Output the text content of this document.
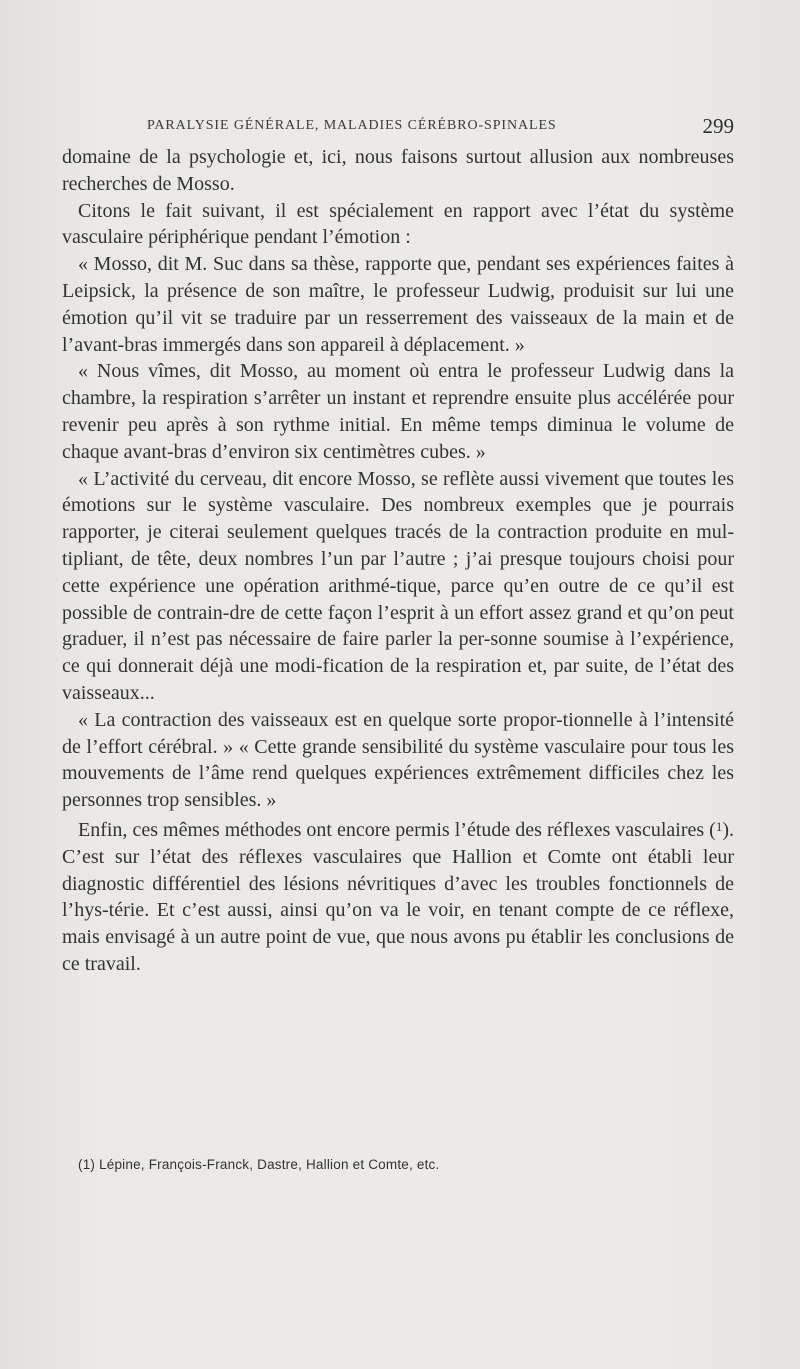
PARALYSIE GÉNÉRALE, MALADIES CÉRÉBRO-SPINALES	299

domaine de la psychologie et, ici, nous faisons surtout allusion aux nombreuses recherches de Mosso.

Citons le fait suivant, il est spécialement en rapport avec l’état du système vasculaire périphérique pendant l’émotion :

« Mosso, dit M. Suc dans sa thèse, rapporte que, pendant ses expériences faites à Leipsick, la présence de son maître, le professeur Ludwig, produisit sur lui une émotion qu’il vit se traduire par un resserrement des vaisseaux de la main et de l’avant-bras immergés dans son appareil à déplacement. »

« Nous vîmes, dit Mosso, au moment où entra le professeur Ludwig dans la chambre, la respiration s’arrêter un instant et reprendre ensuite plus accélérée pour revenir peu après à son rythme initial. En même temps diminua le volume de chaque avant-bras d’environ six centimètres cubes. »

« L’activité du cerveau, dit encore Mosso, se reflète aussi vivement que toutes les émotions sur le système vasculaire. Des nombreux exemples que je pourrais rapporter, je citerai seulement quelques tracés de la contraction produite en mul-tipliant, de tête, deux nombres l’un par l’autre ; j’ai presque toujours choisi pour cette expérience une opération arithmé-tique, parce qu’en outre de ce qu’il est possible de contrain-dre de cette façon l’esprit à un effort assez grand et qu’on peut graduer, il n’est pas nécessaire de faire parler la per-sonne soumise à l’expérience, ce qui donnerait déjà une modi-fication de la respiration et, par suite, de l’état des vaisseaux...

« La contraction des vaisseaux est en quelque sorte propor-tionnelle à l’intensité de l’effort cérébral. » « Cette grande sensibilité du système vasculaire pour tous les mouvements de l’âme rend quelques expériences extrêmement difficiles chez les personnes trop sensibles. »

Enfin, ces mêmes méthodes ont encore permis l’étude des réflexes vasculaires ($^1$). C’est sur l’état des réflexes vasculaires que Hallion et Comte ont établi leur diagnostic différentiel des lésions névritiques d’avec les troubles fonctionnels de l’hys-térie. Et c’est aussi, ainsi qu’on va le voir, en tenant compte de ce réflexe, mais envisagé à un autre point de vue, que nous avons pu établir les conclusions de ce travail.

(1) Lépine, François-Franck, Dastre, Hallion et Comte, etc.
